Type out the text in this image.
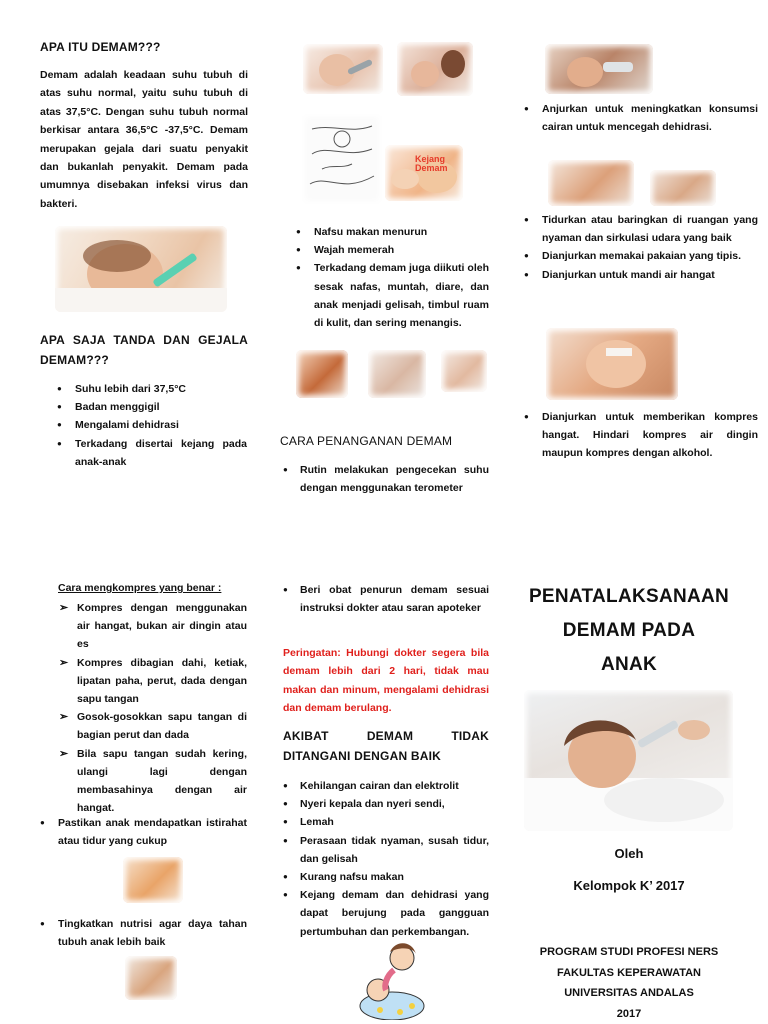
APA ITU DEMAM???
Demam adalah keadaan suhu tubuh di atas suhu normal, yaitu suhu tubuh di atas 37,5°C. Dengan suhu tubuh normal berkisar antara 36,5°C -37,5°C. Demam merupakan gejala dari suatu penyakit dan bukanlah penyakit. Demam pada umumnya disebakan infeksi virus dan bakteri.
APA SAJA TANDA DAN GEJALA DEMAM???
● Suhu lebih dari 37,5°C
● Badan menggigil
● Mengalami dehidrasi
● Terkadang disertai kejang pada anak-anak
Kejang Demam
● Nafsu makan menurun
● Wajah memerah
● Terkadang demam juga diikuti oleh sesak nafas, muntah, diare, dan anak menjadi gelisah, timbul ruam di kulit, dan sering menangis.
CARA PENANGANAN DEMAM
● Rutin melakukan pengecekan suhu dengan menggunakan terometer
● Anjurkan untuk meningkatkan konsumsi cairan untuk mencegah dehidrasi.
● Tidurkan atau baringkan di ruangan yang nyaman dan sirkulasi udara yang baik
● Dianjurkan memakai pakaian yang tipis.
● Dianjurkan untuk mandi air hangat
● Dianjurkan untuk memberikan kompres hangat. Hindari kompres air dingin maupun kompres dengan alkohol.
Cara mengkompres yang benar :
➢ Kompres dengan menggunakan air hangat, bukan air dingin atau es
➢ Kompres dibagian dahi, ketiak, lipatan paha, perut, dada dengan sapu tangan
➢ Gosok-gosokkan sapu tangan di bagian perut dan dada
➢ Bila sapu tangan sudah kering, ulangi lagi dengan membasahinya dengan air hangat.
● Pastikan anak mendapatkan istirahat atau tidur yang cukup
● Tingkatkan nutrisi agar daya tahan tubuh anak lebih baik
● Beri obat penurun demam sesuai instruksi dokter atau saran apoteker
Peringatan: Hubungi dokter segera bila demam lebih dari 2 hari, tidak mau makan dan minum, mengalami dehidrasi dan demam berulang.
AKIBAT DEMAM TIDAK DITANGANI DENGAN BAIK
● Kehilangan cairan dan elektrolit
● Nyeri kepala dan nyeri sendi,
● Lemah
● Perasaan tidak nyaman, susah tidur, dan gelisah
● Kurang nafsu makan
● Kejang demam dan dehidrasi yang dapat berujung pada gangguan pertumbuhan dan perkembangan.
PENATALAKSANAAN
DEMAM PADA
ANAK
Oleh
Kelompok K’ 2017
PROGRAM STUDI PROFESI NERS
FAKULTAS KEPERAWATAN
UNIVERSITAS ANDALAS
2017
